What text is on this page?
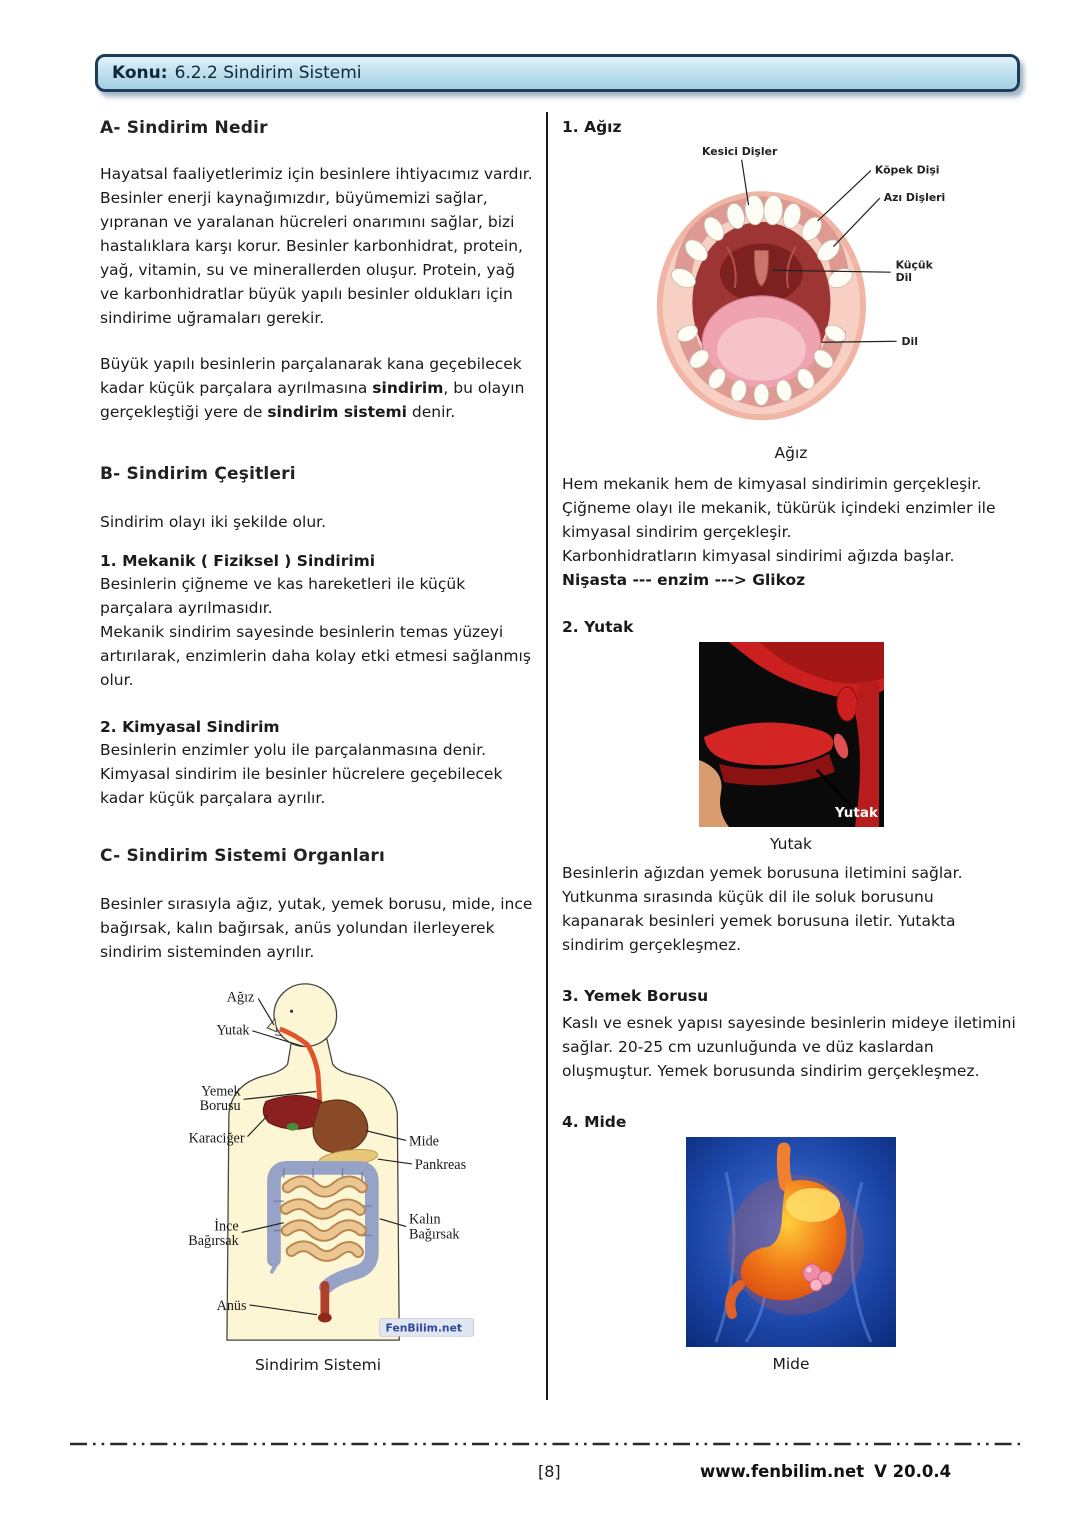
Konu: 6.2.2 Sindirim Sistemi
A- Sindirim Nedir

Hayatsal faaliyetlerimiz için besinlere ihtiyacımız vardır. Besinler enerji kaynağımızdır, büyümemizi sağlar, yıpranan ve yaralanan hücreleri onarımını sağlar, bizi hastalıklara karşı korur. Besinler karbonhidrat, protein, yağ, vitamin, su ve minerallerden oluşur. Protein, yağ ve karbonhidratlar büyük yapılı besinler oldukları için sindirime uğramaları gerekir.

Büyük yapılı besinlerin parçalanarak kana geçebilecek kadar küçük parçalara ayrılmasına sindirim, bu olayın gerçekleştiği yere de sindirim sistemi denir.

B- Sindirim Çeşitleri

Sindirim olayı iki şekilde olur.

1. Mekanik ( Fiziksel ) Sindirimi

Besinlerin çiğneme ve kas hareketleri ile küçük parçalara ayrılmasıdır.

Mekanik sindirim sayesinde besinlerin temas yüzeyi artırılarak, enzimlerin daha kolay etki etmesi sağlanmış olur.

2. Kimyasal Sindirim

Besinlerin enzimler yolu ile parçalanmasına denir.

Kimyasal sindirim ile besinler hücrelere geçebilecek kadar küçük parçalara ayrılır.

C- Sindirim Sistemi Organları

Besinler sırasıyla ağız, yutak, yemek borusu, mide, ince bağırsak, kalın bağırsak, anüs yolundan ilerleyerek sindirim sisteminden ayrılır.

Ağız
Yutak
Yemek
Borusu
Karaciğer
İnce
Bağırsak
Anüs
Mide
Pankreas
Kalın
Bağırsak
FenBilim.net
Sindirim Sistemi
1. Ağız
Kesici Dişler
Köpek Dişi
Azı Dişleri
Küçük
Dil
Dil
Ağız

Hem mekanik hem de kimyasal sindirimin gerçekleşir. Çiğneme olayı ile mekanik, tükürük içindeki enzimler ile kimyasal sindirim gerçekleşir.

Karbonhidratların kimyasal sindirimi ağızda başlar.

Nişasta --- enzim ---> Glikoz

2. Yutak
Yutak
Yutak

Besinlerin ağızdan yemek borusuna iletimini sağlar. Yutkunma sırasında küçük dil ile soluk borusunu kapanarak besinleri yemek borusuna iletir. Yutakta sindirim gerçekleşmez.

3. Yemek Borusu

Kaslı ve esnek yapısı sayesinde besinlerin mideye iletimini sağlar. 20-25 cm uzunluğunda ve düz kaslardan oluşmuştur. Yemek borusunda sindirim gerçekleşmez.

4. Mide
Mide
[8]	www.fenbilim.net V 20.0.4
